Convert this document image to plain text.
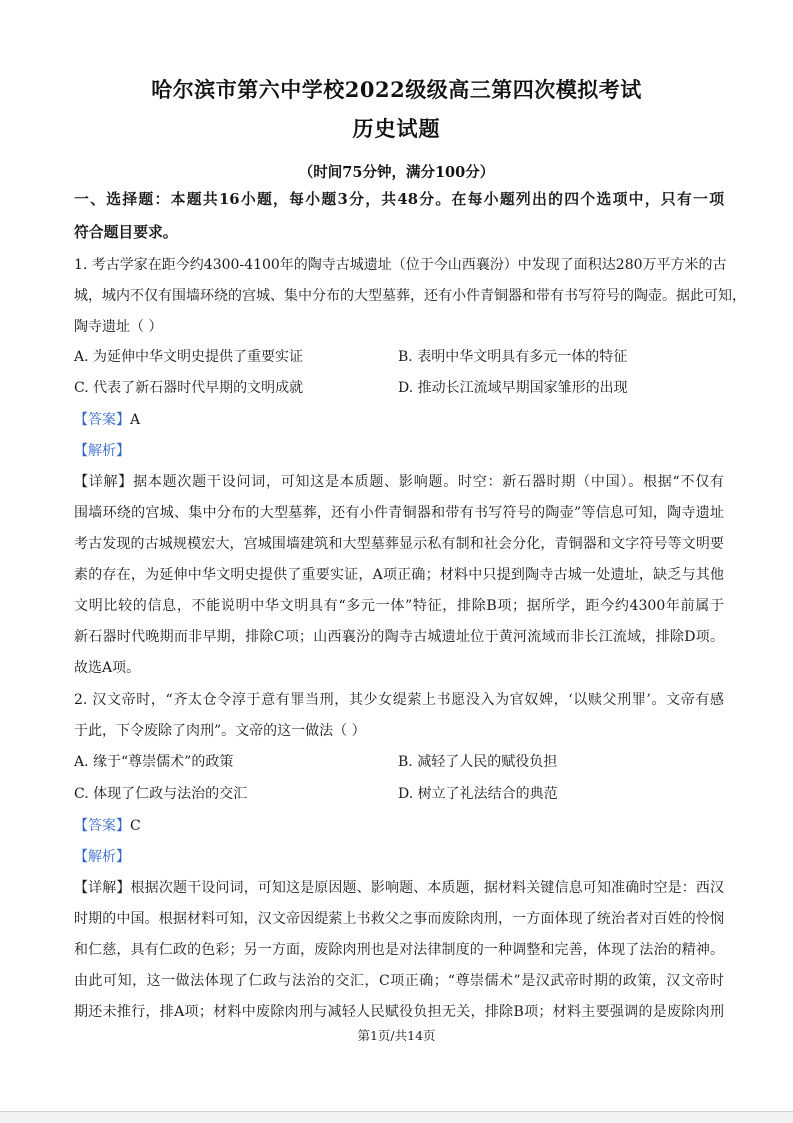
哈尔滨市第六中学校2022级级高三第四次模拟考试
历史试题
（时间75分钟，满分100分）
一、选择题：本题共16小题，每小题3分，共48分。在每小题列出的四个选项中，只有一项
符合题目要求。
1. 考古学家在距今约4300-4100年的陶寺古城遗址（位于今山西襄汾）中发现了面积达280万平方米的古
城，城内不仅有围墙环绕的宫城、集中分布的大型墓葬，还有小件青铜器和带有书写符号的陶壶。据此可知，
陶寺遗址（ ）
A. 为延伸中华文明史提供了重要实证	B. 表明中华文明具有多元一体的特征
C. 代表了新石器时代早期的文明成就	D. 推动长江流域早期国家雏形的出现
【答案】A
【解析】
【详解】据本题次题干设问词，可知这是本质题、影响题。时空：新石器时期（中国）。根据“不仅有
围墙环绕的宫城、集中分布的大型墓葬，还有小件青铜器和带有书写符号的陶壶”等信息可知，陶寺遗址
考古发现的古城规模宏大，宫城围墙建筑和大型墓葬显示私有制和社会分化，青铜器和文字符号等文明要
素的存在，为延伸中华文明史提供了重要实证，A项正确；材料中只提到陶寺古城一处遗址，缺乏与其他
文明比较的信息，不能说明中华文明具有“多元一体”特征，排除B项；据所学，距今约4300年前属于
新石器时代晚期而非早期，排除C项；山西襄汾的陶寺古城遗址位于黄河流域而非长江流域，排除D项。
故选A项。
2. 汉文帝时，“齐太仓令淳于意有罪当刑，其少女缇萦上书愿没入为官奴婢，‘以赎父刑罪’。文帝有感
于此，下令废除了肉刑”。文帝的这一做法（ ）
A. 缘于“尊崇儒术”的政策	B. 减轻了人民的赋役负担
C. 体现了仁政与法治的交汇	D. 树立了礼法结合的典范
【答案】C
【解析】
【详解】根据次题干设问词，可知这是原因题、影响题、本质题，据材料关键信息可知准确时空是：西汉
时期的中国。根据材料可知，汉文帝因缇萦上书救父之事而废除肉刑，一方面体现了统治者对百姓的怜悯
和仁慈，具有仁政的色彩；另一方面，废除肉刑也是对法律制度的一种调整和完善，体现了法治的精神。
由此可知，这一做法体现了仁政与法治的交汇，C项正确；“尊崇儒术”是汉武帝时期的政策，汉文帝时
期还未推行，排A项；材料中废除肉刑与减轻人民赋役负担无关，排除B项；材料主要强调的是废除肉刑
第1页/共14页
